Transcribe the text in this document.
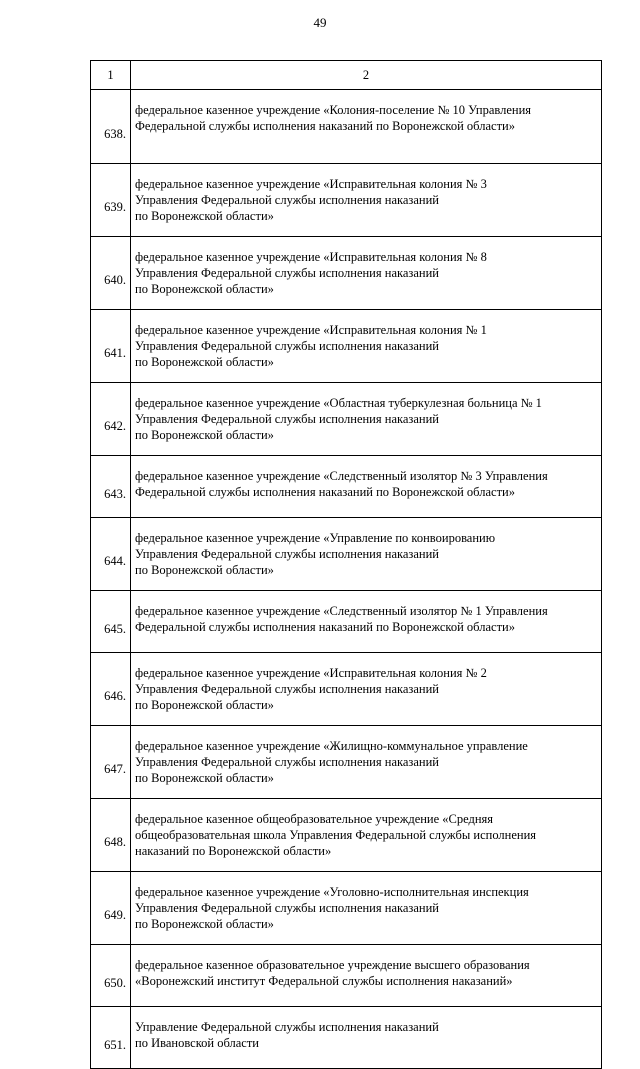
49
1	2
638.	федеральное казенное учреждение «Колония-поселение № 10 Управления
Федеральной службы исполнения наказаний по Воронежской области»
639.	федеральное казенное учреждение «Исправительная колония № 3
Управления Федеральной службы исполнения наказаний
по Воронежской области»
640.	федеральное казенное учреждение «Исправительная колония № 8
Управления Федеральной службы исполнения наказаний
по Воронежской области»
641.	федеральное казенное учреждение «Исправительная колония № 1
Управления Федеральной службы исполнения наказаний
по Воронежской области»
642.	федеральное казенное учреждение «Областная туберкулезная больница № 1
Управления Федеральной службы исполнения наказаний
по Воронежской области»
643.	федеральное казенное учреждение «Следственный изолятор № 3 Управления
Федеральной службы исполнения наказаний по Воронежской области»
644.	федеральное казенное учреждение «Управление по конвоированию
Управления Федеральной службы исполнения наказаний
по Воронежской области»
645.	федеральное казенное учреждение «Следственный изолятор № 1 Управления
Федеральной службы исполнения наказаний по Воронежской области»
646.	федеральное казенное учреждение «Исправительная колония № 2
Управления Федеральной службы исполнения наказаний
по Воронежской области»
647.	федеральное казенное учреждение «Жилищно-коммунальное управление
Управления Федеральной службы исполнения наказаний
по Воронежской области»
648.	федеральное казенное общеобразовательное учреждение «Средняя
общеобразовательная школа Управления Федеральной службы исполнения
наказаний по Воронежской области»
649.	федеральное казенное учреждение «Уголовно-исполнительная инспекция
Управления Федеральной службы исполнения наказаний
по Воронежской области»
650.	федеральное казенное образовательное учреждение высшего образования
«Воронежский институт Федеральной службы исполнения наказаний»
651.	Управление Федеральной службы исполнения наказаний
по Ивановской области
